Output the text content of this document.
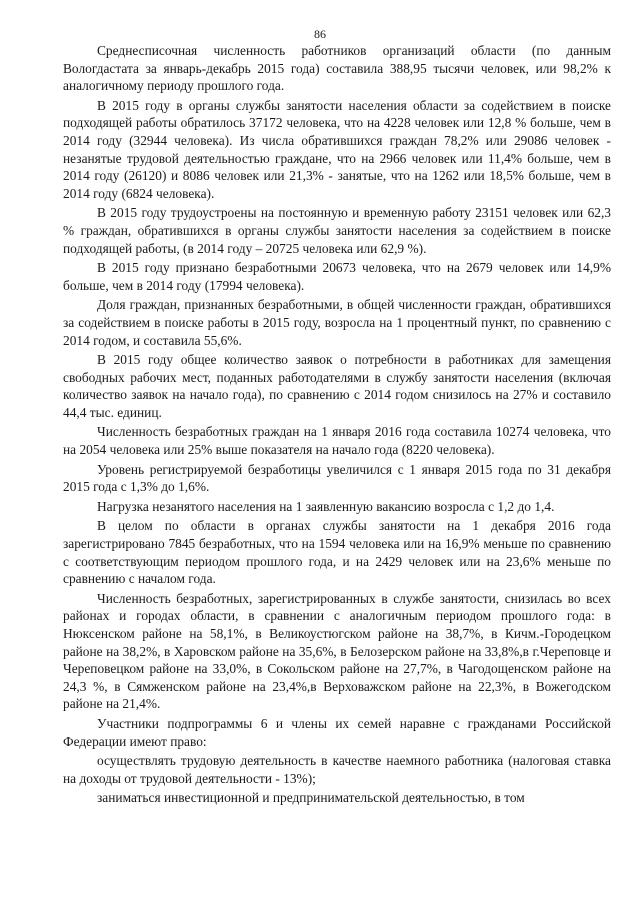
86

Среднесписочная численность работников организаций области (по данным Вологдастата за январь-декабрь 2015 года) составила 388,95 тысячи человек, или 98,2% к аналогичному периоду прошлого года.

В 2015 году в органы службы занятости населения области за содействием в поиске подходящей работы обратилось 37172 человека, что на 4228 человек или 12,8 % больше, чем в 2014 году (32944 человека). Из числа обратившихся граждан 78,2% или 29086 человек - незанятые трудовой деятельностью граждане, что на 2966 человек или 11,4% больше, чем в 2014 году (26120) и 8086 человек или 21,3% - занятые, что на 1262 или 18,5% больше, чем в 2014 году (6824 человека).

В 2015 году трудоустроены на постоянную и временную работу 23151 человек или 62,3 % граждан, обратившихся в органы службы занятости населения за содействием в поиске подходящей работы, (в 2014 году – 20725 человека или 62,9 %).

В 2015 году признано безработными 20673 человека, что на 2679 человек или 14,9% больше, чем в 2014 году (17994 человека).

Доля граждан, признанных безработными, в общей численности граждан, обратившихся за содействием в поиске работы в 2015 году, возросла на 1 процентный пункт, по сравнению с 2014 годом, и составила 55,6%.

В 2015 году общее количество заявок о потребности в работниках для замещения свободных рабочих мест, поданных работодателями в службу занятости населения (включая количество заявок на начало года), по сравнению с 2014 годом снизилось на 27% и составило 44,4 тыс. единиц.

Численность безработных граждан на 1 января 2016 года составила 10274 человека, что на 2054 человека или 25% выше показателя на начало года (8220 человека).

Уровень регистрируемой безработицы увеличился с 1 января 2015 года по 31 декабря 2015 года с 1,3% до 1,6%.

Нагрузка незанятого населения на 1 заявленную вакансию возросла с 1,2 до 1,4.

В целом по области в органах службы занятости на 1 декабря 2016 года зарегистрировано 7845 безработных, что на 1594 человека или на 16,9% меньше по сравнению с соответствующим периодом прошлого года, и на 2429 человек или на 23,6% меньше по сравнению с началом года.

Численность безработных, зарегистрированных в службе занятости, снизилась во всех районах и городах области, в сравнении с аналогичным периодом прошлого года: в Нюксенском районе на 58,1%, в Великоустюгском районе на 38,7%, в Кичм.-Городецком районе на 38,2%, в Харовском районе на 35,6%, в Белозерском районе на 33,8%,в г.Череповце и Череповецком районе на 33,0%, в Сокольском районе на 27,7%, в Чагодощенском районе на 24,3 %, в Сямженском районе на 23,4%,в Верховажском районе на 22,3%, в Вожегодском районе на 21,4%.

Участники подпрограммы 6 и члены их семей наравне с гражданами Российской Федерации имеют право:

осуществлять трудовую деятельность в качестве наемного работника (налоговая ставка на доходы от трудовой деятельности - 13%);

заниматься инвестиционной и предпринимательской деятельностью, в том
